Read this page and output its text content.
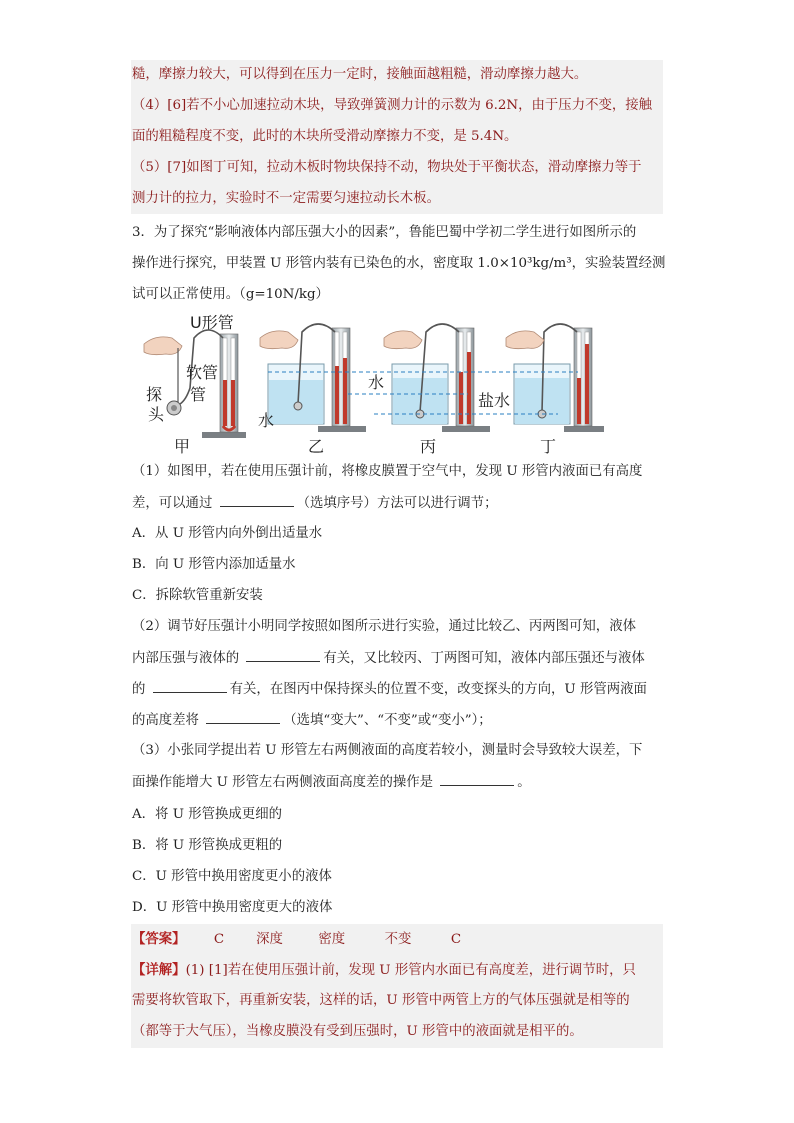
糙，摩擦力较大，可以得到在压力一定时，接触面越粗糙，滑动摩擦力越大。
（4）[6]若不小心加速拉动木块，导致弹簧测力计的示数为 6.2N，由于压力不变，接触
面的粗糙程度不变，此时的木块所受滑动摩擦力不变，是 5.4N。
（5）[7]如图丁可知，拉动木板时物块保持不动，物块处于平衡状态，滑动摩擦力等于
测力计的拉力，实验时不一定需要匀速拉动长木板。
3．为了探究“影响液体内部压强大小的因素”，鲁能巴蜀中学初二学生进行如图所示的
操作进行探究，甲装置 U 形管内装有已染色的水，密度取 1.0×10³kg/m³，实验装置经测
试可以正常使用。（g=10N/kg）
U形管
软管
管
探
头
甲
水
乙
水
丙
盐水
丁
（1）如图甲，若在使用压强计前，将橡皮膜置于空气中，发现 U 形管内液面已有高度
差，可以通过	（选填序号）方法可以进行调节；
A．从 U 形管内向外倒出适量水
B．向 U 形管内添加适量水
C．拆除软管重新安装
（2）调节好压强计小明同学按照如图所示进行实验，通过比较乙、丙两图可知，液体
内部压强与液体的	有关，又比较丙、丁两图可知，液体内部压强还与液体
的	有关，在图丙中保持探头的位置不变，改变探头的方向，U 形管两液面
的高度差将	（选填“变大”、“不变”或“变小”）；
（3）小张同学提出若 U 形管左右两侧液面的高度若较小，测量时会导致较大误差，下
面操作能增大 U 形管左右两侧液面高度差的操作是	。
A．将 U 形管换成更细的
B．将 U 形管换成更粗的
C．U 形管中换用密度更小的液体
D．U 形管中换用密度更大的液体
【答案】 C 深度	密度	不变	C
【详解】(1) [1]若在使用压强计前，发现 U 形管内水面已有高度差，进行调节时，只
需要将软管取下，再重新安装，这样的话，U 形管中两管上方的气体压强就是相等的
（都等于大气压），当橡皮膜没有受到压强时，U 形管中的液面就是相平的。
